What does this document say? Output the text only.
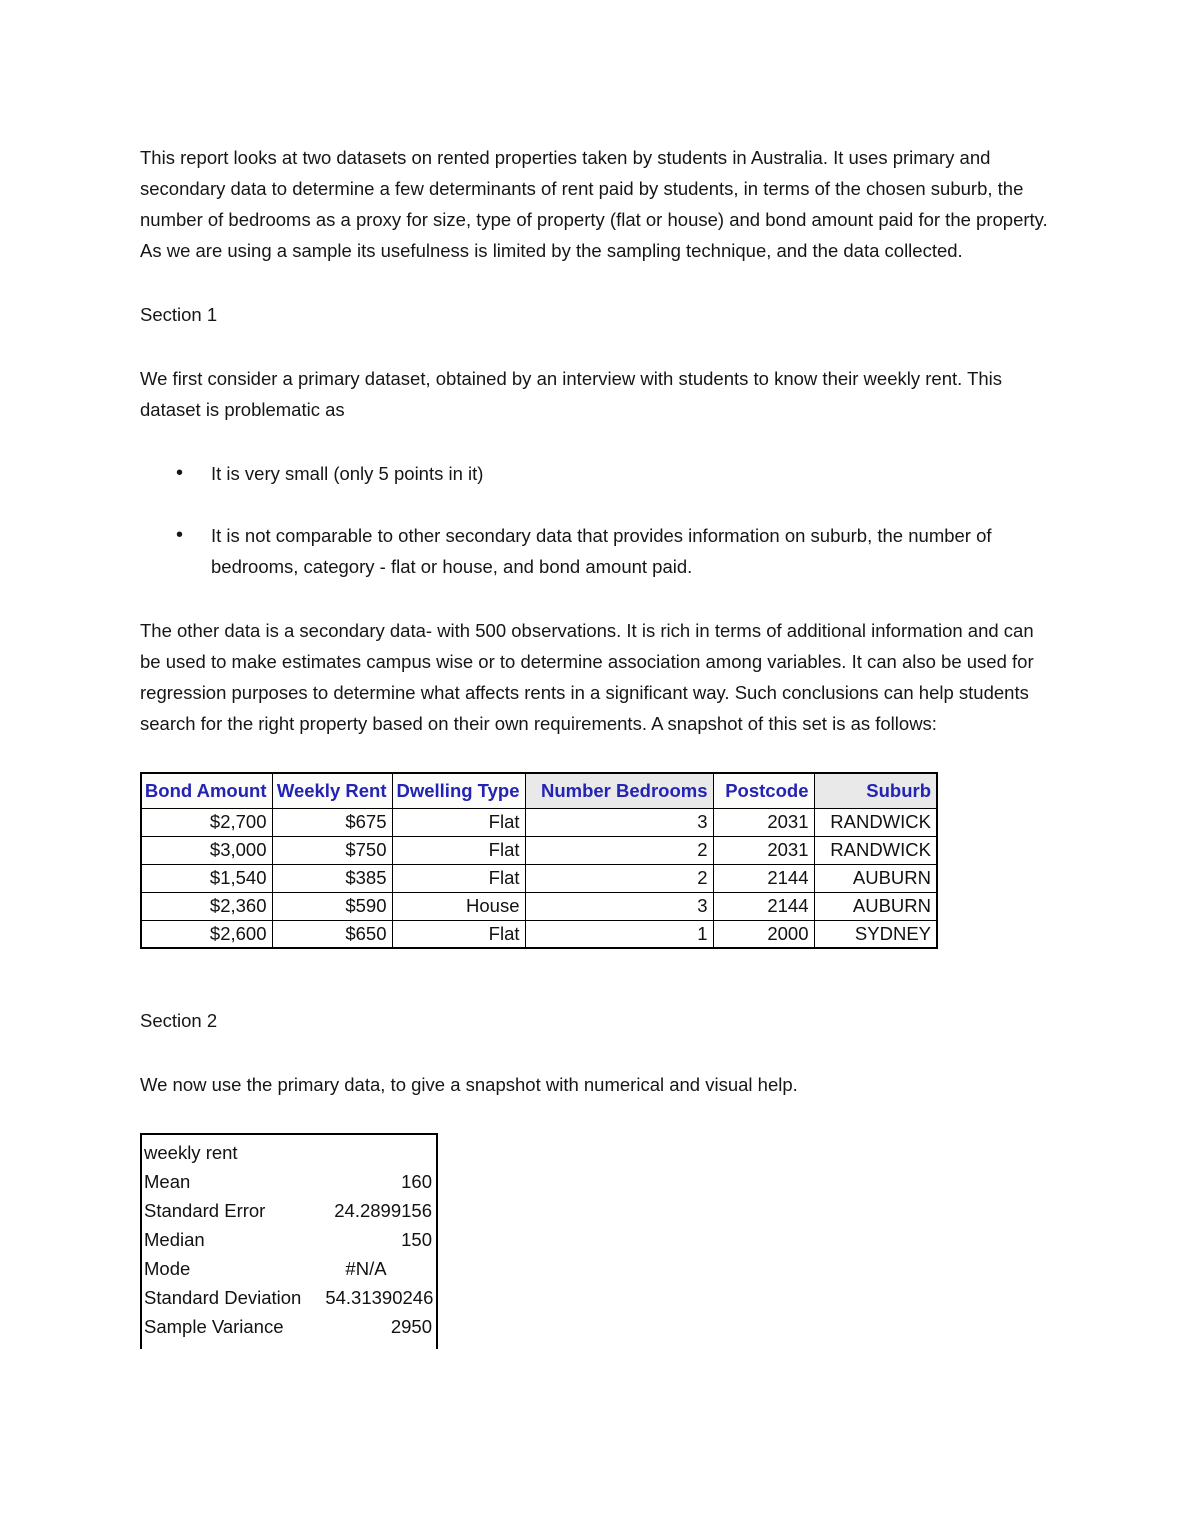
This report looks at two datasets on rented properties taken by students in Australia. It uses primary and secondary data to determine a few determinants of rent paid by students, in terms of the chosen suburb, the number of bedrooms as a proxy for size, type of property (flat or house) and bond amount paid for the property. As we are using a sample its usefulness is limited by the sampling technique, and the data collected.

Section 1

We first consider a primary dataset, obtained by an interview with students to know their weekly rent. This dataset is problematic as

• It is very small (only 5 points in it)
• It is not comparable to other secondary data that provides information on suburb, the number of bedrooms, category - flat or house, and bond amount paid.

The other data is a secondary data- with 500 observations. It is rich in terms of additional information and can be used to make estimates campus wise or to determine association among variables. It can also be used for regression purposes to determine what affects rents in a significant way. Such conclusions can help students search for the right property based on their own requirements. A snapshot of this set is as follows:

Bond Amount	Weekly Rent	Dwelling Type	Number Bedrooms	Postcode	Suburb
$2,700	$675	Flat	3	2031	RANDWICK
$3,000	$750	Flat	2	2031	RANDWICK
$1,540	$385	Flat	2	2144	AUBURN
$2,360	$590	House	3	2144	AUBURN
$2,600	$650	Flat	1	2000	SYDNEY

Section 2

We now use the primary data, to give a snapshot with numerical and visual help.

weekly rent
Mean	160
Standard Error	24.2899156
Median	150
Mode	#N/A
Standard Deviation	54.31390246
Sample Variance	2950
